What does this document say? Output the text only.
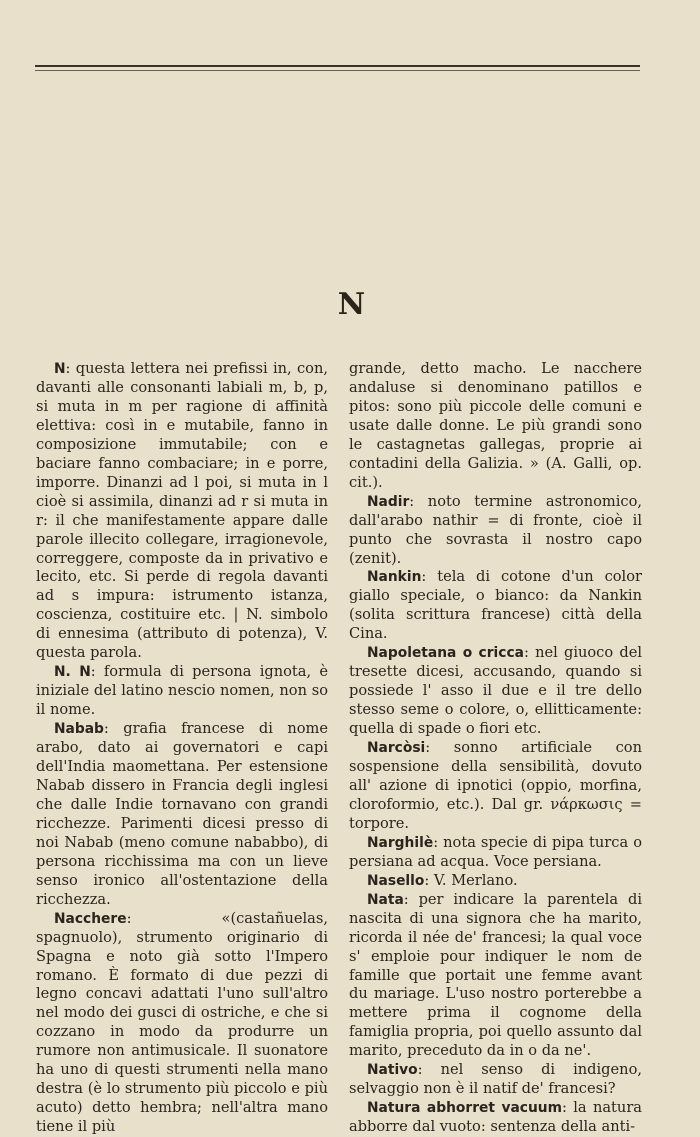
N

N: questa lettera nei prefissi in, con, davanti alle consonanti labiali m, b, p, si muta in m per ragione di affinità elettiva: così in e mutabile, fanno in composizione immutabile; con e baciare fanno combaciare; in e porre, imporre. Dinanzi ad l poi, si muta in l cioè si assimila, dinanzi ad r si muta in r: il che manifestamente appare dalle parole illecito collegare, irragionevole, correggere, composte da in privativo e lecito, etc. Si perde di regola davanti ad s impura: istrumento istanza, coscienza, costituire etc. | N. simbolo di ennesima (attributo di potenza), V. questa parola.

N. N: formula di persona ignota, è iniziale del latino nescio nomen, non so il nome.

Nabab: grafia francese di nome arabo, dato ai governatori e capi dell'India maomettana. Per estensione Nabab dissero in Francia degli inglesi che dalle Indie tornavano con grandi ricchezze. Parimenti dicesi presso di noi Nabab (meno comune nababbo), di persona ricchissima ma con un lieve senso ironico all'ostentazione della ricchezza.

Nacchere: «(castañuelas, spagnuolo), strumento originario di Spagna e noto già sotto l'Impero romano. È formato di due pezzi di legno concavi adattati l'uno sull'altro nel modo dei gusci di ostriche, e che si cozzano in modo da produrre un rumore non antimusicale. Il suonatore ha uno di questi strumenti nella mano destra (è lo strumento più piccolo e più acuto) detto hembra; nell'altra mano tiene il più

grande, detto macho. Le nacchere andaluse si denominano patillos e pitos: sono più piccole delle comuni e usate dalle donne. Le più grandi sono le castagnetas gallegas, proprie ai contadini della Galizia. » (A. Galli, op. cit.).

Nadir: noto termine astronomico, dall'arabo nathir = di fronte, cioè il punto che sovrasta il nostro capo (zenit).

Nankin: tela di cotone d'un color giallo speciale, o bianco: da Nankin (solita scrittura francese) città della Cina.

Napoletana o cricca: nel giuoco del tresette dicesi, accusando, quando si possiede l' asso il due e il tre dello stesso seme o colore, o, ellitticamente: quella di spade o fiori etc.

Narcòsi: sonno artificiale con sospensione della sensibilità, dovuto all' azione di ipnotici (oppio, morfina, cloroformio, etc.). Dal gr. νάρκωσις = torpore.

Narghilè: nota specie di pipa turca o persiana ad acqua. Voce persiana.

Nasello: V. Merlano.

Nata: per indicare la parentela di nascita di una signora che ha marito, ricorda il née de' francesi; la qual voce s' emploie pour indiquer le nom de famille que portait une femme avant du mariage. L'uso nostro porterebbe a mettere prima il cognome della famiglia propria, poi quello assunto dal marito, preceduto da in o da ne'.

Nativo: nel senso di indigeno, selvaggio non è il natif de' francesi?

Natura abhorret vacuum: la natura abborre dal vuoto: sentenza della anti-
